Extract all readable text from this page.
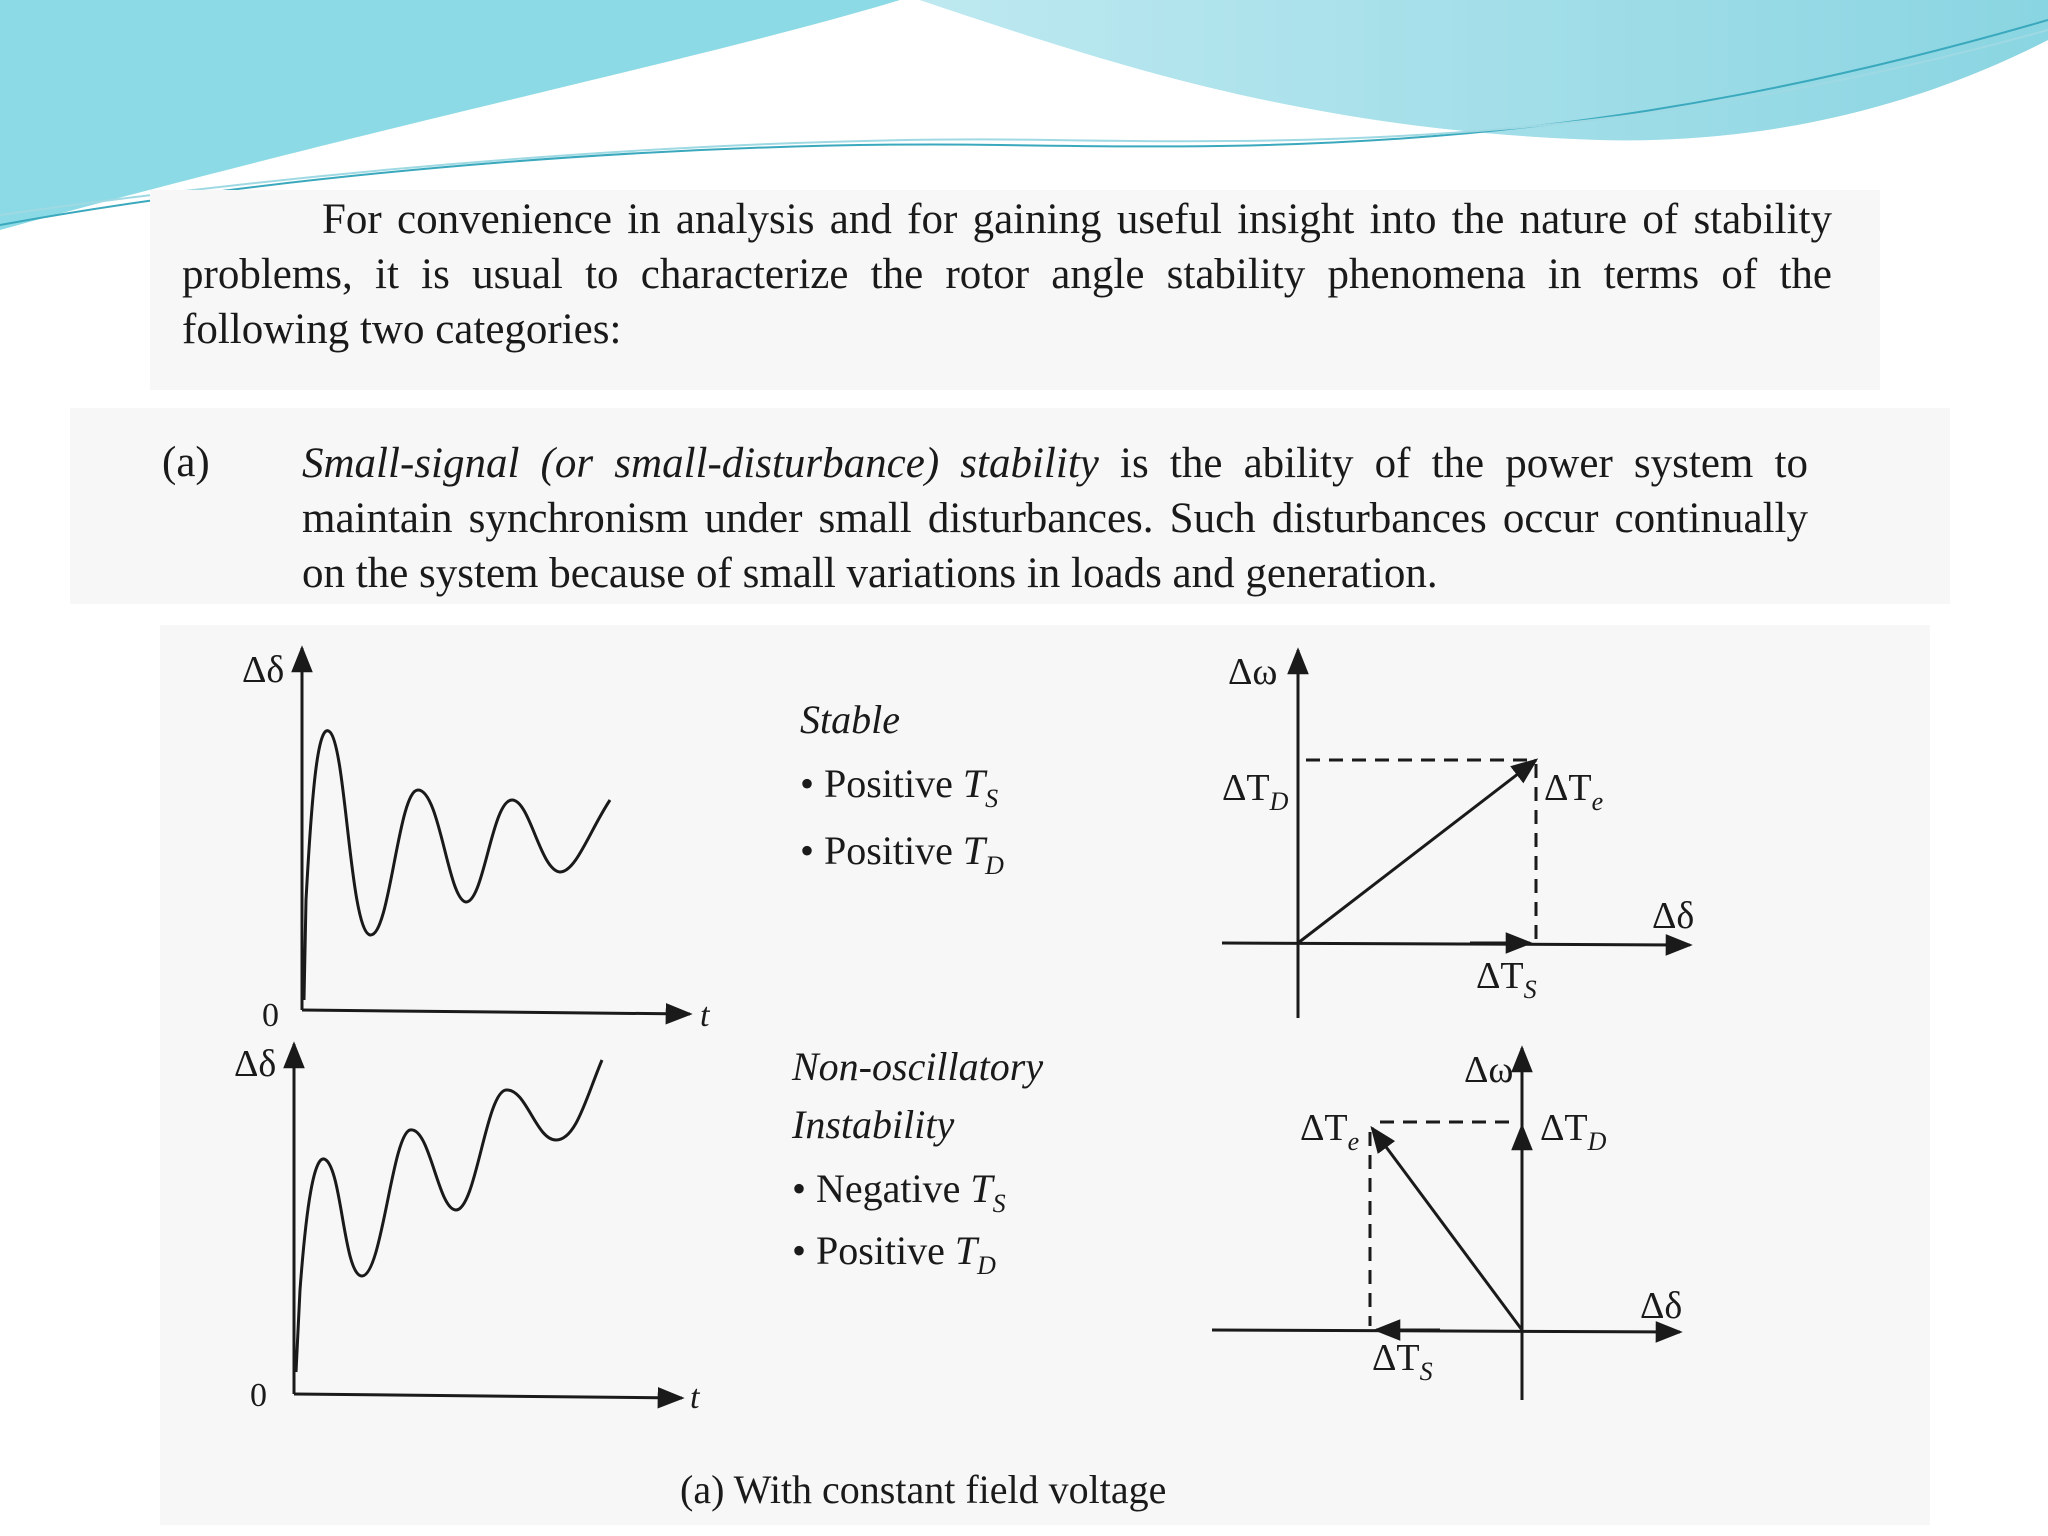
For convenience in analysis and for gaining useful insight into the nature of stability problems, it is usual to characterize the rotor angle stability phenomena in terms of the following two categories:
(a) Small-signal (or small-disturbance) stability is the ability of the power system to maintain synchronism under small disturbances. Such disturbances occur continually on the system because of small variations in loads and generation.
Δδ
0	t
Stable
• Positive $T_S$
• Positive $T_D$
Δω
Δδ
$\Delta T_D$	$\Delta T_e$
$\Delta T_S$
Δδ
0	t
Non-oscillatory
Instability
• Negative $T_S$
• Positive $T_D$
Δω
Δδ
$\Delta T_e$	$\Delta T_D$
$\Delta T_S$
(a) With constant field voltage
